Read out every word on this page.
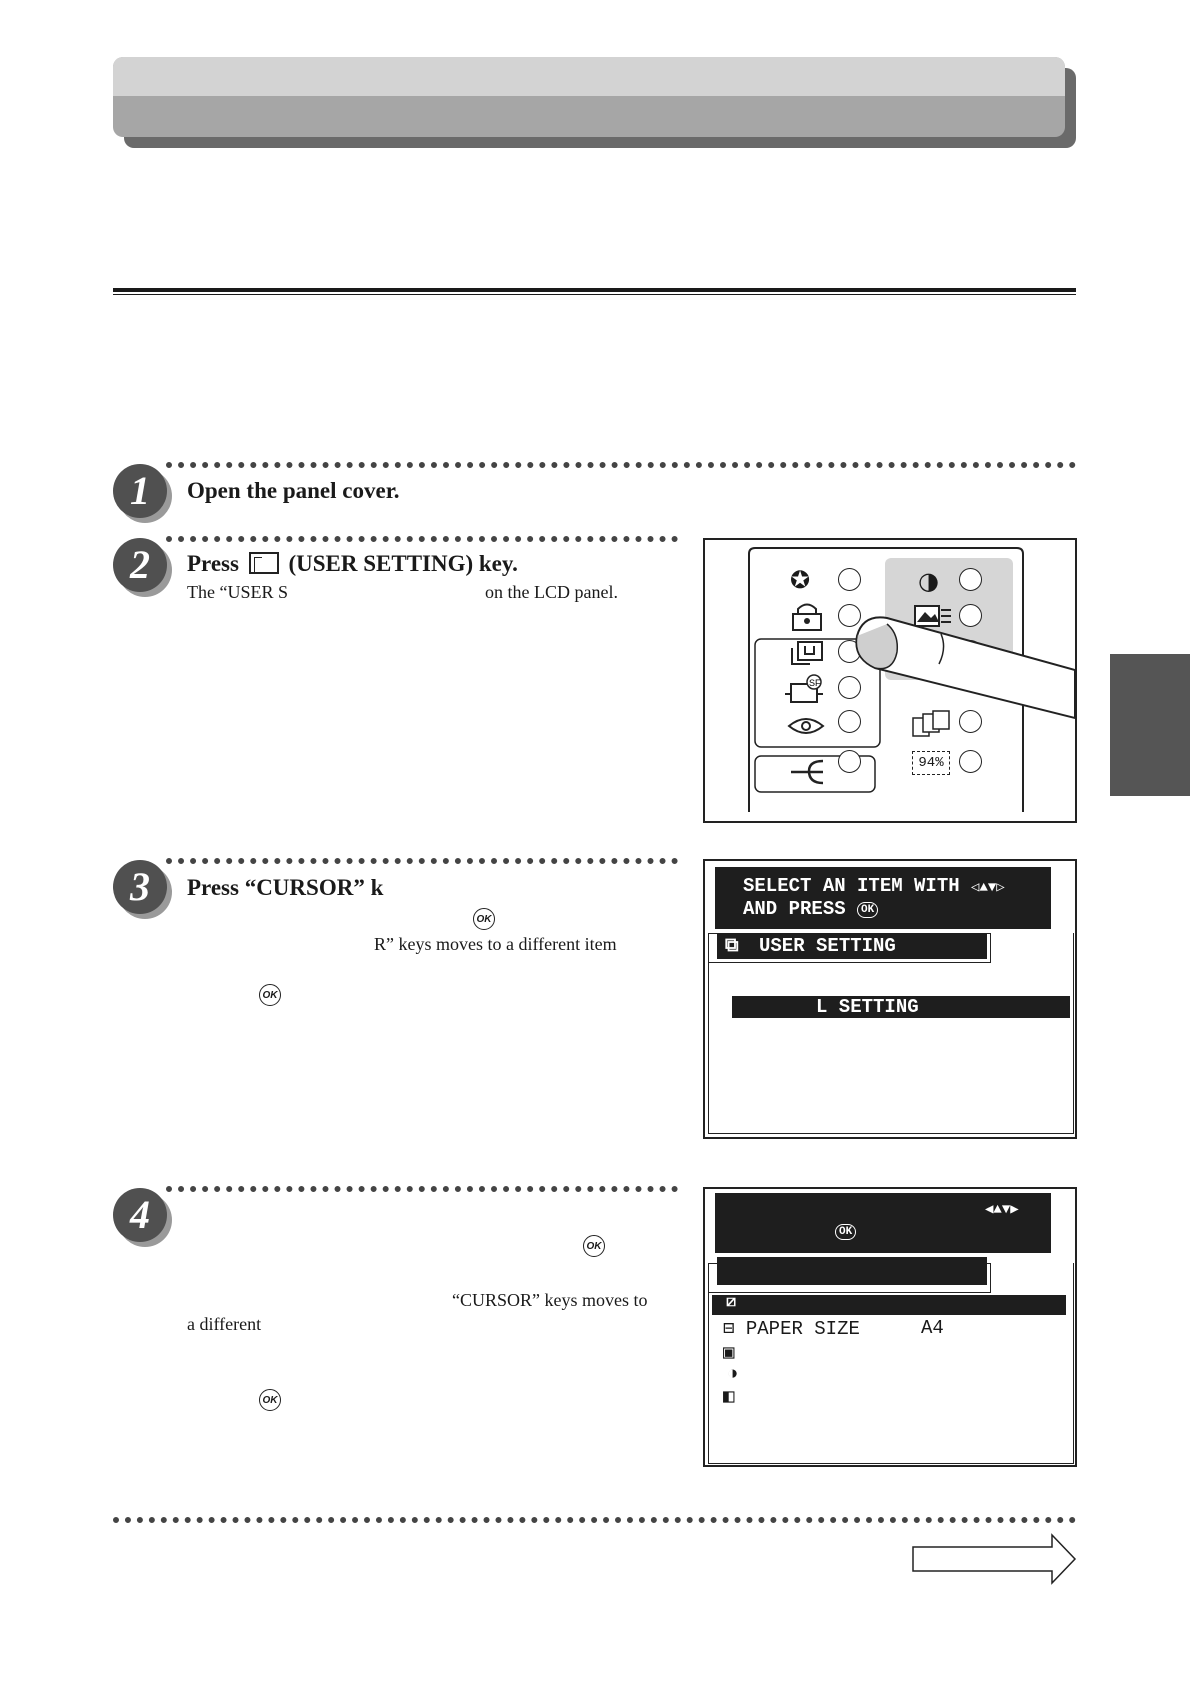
1	Open the panel cover.
2	Press (USER SETTING) key.
The “USER S	on the LCD panel.	✪
SF
◑
94%
3	Press “CURSOR” k
OK
R” keys moves to a different item
OK
SELECT AN ITEM WITH ◁▲▼▷
AND PRESS OK
⧉ USER SETTING
L SETTING
4
OK
“CURSOR” keys moves to
a different
OK
◀▲▼▶
OK
⧄
⊟ PAPER SIZE	A4
▣
◑
◧
